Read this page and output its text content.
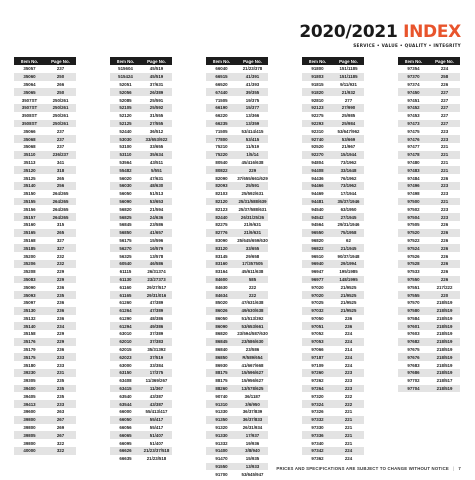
2020/2021 INDEX
SERVICE • VALUE • QUALITY • INTEGRITY
Item No.	Page No.
35057	237
35060	250
35064	266
35065	250
3507ST	250/261
3507ST	250/261
3508ST	250/261
3508ST	250/261
35066	237
35068	237
35068	237
35110	236/237
35113	341
35120	318
35125	265
35140	256
35150	264/265
35155	264/265
35156	264/265
35157	264/265
35160	315
35165	265
35168	327
35185	327
35200	232
35206	232
35208	229
35083	229
35090	236
35093	235
35097	236
35130	236
35132	236
35140	234
35158	229
35176	229
35179	236
35175	233
35180	233
39230	231
39305	235
39400	235
39405	235
39413	233
39600	263
39800	267
39800	269
39805	267
39800	322
40000	322
Item No.	Page No.
515604	45/519
515424	45/519
52051	37/631
52056	26/389
52085	25/591
52105	25/592
52120	31/555
52125	27/555
52440	36/512
53030	33/653/922
53100	33/655
53110	35/634
53564	43/511
55482	5/551
56020	47/631
56030	48/630
56050	51/513
56090	53/653
56820	21/594
56825	24/636
56845	23/586
56850	41/657
56175	15/596
56270	16/579
56325	13/578
60540	46/586
61115	26/31374
61130	23/27373
61160	29/27/517
61165	29/31/016
61260	47/389
61264	47/389
61290	48/386
61294	49/386
63010	37/389
62010	37/383
62015	35/31392
62023	37/519
63000	33/384
63150	17/375
63408	11/369/267
63415	11/367
63540	43/387
63544	43/387
66000	55/413/417
66050	55/417
66056	55/417
66065	51/407
66095	51/407
66626	21/23/37/518
66635	21/23/518
Item No.	Page No.
66040	21/23/378
66515	41/391
66520	41/393
67440	39/355
71505	19/375
66190	15/377
66220	13/366
66235	13/359
71505	53/414/415
77800	53/415
75210	11/519
75220	1/5/14
80540	45/416/638
80822	229
82090	37/655/661/629
82093	25/591
82103	25/592/631
82120	25/31/588/639
82123	25/37/588/631
82440	26/31/25/26
82275	21/9/631
82776	21/9/631
83090	25/645/659/630
83120	33/655
83145	29/658
83160	17/357505
83164	45/611/638
84600	585
84630	222
84634	222
85020	47/631/638
86026	49/630/638
86050	51/513/392
86090	53/653/661
86820	23/594/587/630
86845	23/586/630
86840	23/586
86850	R/589/654
86930	41/667/668
88175	15/596/627
88175	15/956/627
88260	13/578/625
90740	36/1187
91310	3/6/950
91330	36/37/839
91350	36/37/833
91320	26/31/934
91330	17/937
91332	19/936
91400	3/8/940
91470	15/935
91550	13/933
91700	53/645/947
Item No.	Page No.
91800	151/1185
91803	151/1185
91815	9/11/931
91820	21/932
92810	277
92123	27/990
92275	25/985
92293	25/984
92310	53/647/962
92740	53/669
92520	21/967
92270	15/1944
94804	73/1962
94408	33/1648
94436	76/1962
94466	73/1962
94469	17/1944
94481	35/37/1946
94540	63/1950
94542	27/1945
94564	29/31/1946
96550	75/1958
96820	62
96822	21/1945
96510	90/37/1948
96940	29/1994
96947	195/1985
96977	148/1995
97020	21/9525
97020	21/9525
97025	21/9525
97032	21/9525
97050	236
97051	236
97052	224
97053	224
97066	214
97187	224
97109	224
97260	223
97262	223
97264	223
97320	222
97324	222
97326	221
97332	221
97330	221
97336	221
97340	221
97342	224
97362	224
Item No.	Page No.
97354	224
97370	258
97374	226
97450	227
97451	227
97452	227
97453	227
97473	227
97475	223
97476	223
97477	221
97478	221
97480	221
97483	221
97484	226
97496	223
97498	223
97500	221
97502	223
97504	223
97505	226
97520	226
97522	226
97524	226
97526	226
97528	226
97533	226
97550	226
97551	217/222
97555	220
97570	218/519
97580	218/519
97584	218/519
97601	218/519
97603	218/519
97682	218/519
97675	218/519
97676	218/519
97683	218/519
97686	218/519
97702	218/517
97704	218/519
PRICES AND SPECIFICATIONS ARE SUBJECT TO CHANGE WITHOUT NOTICE | 7
